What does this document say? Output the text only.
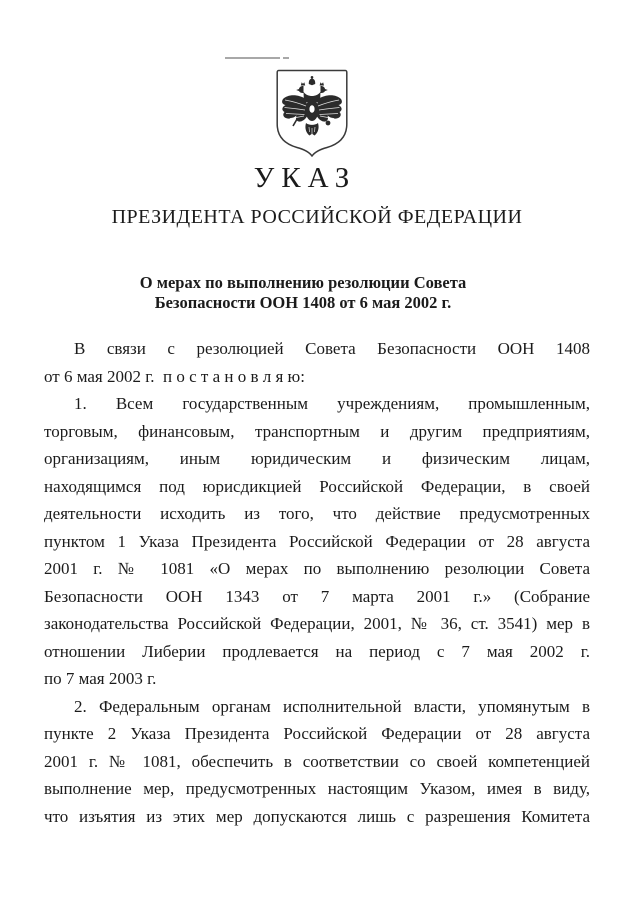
УКАЗ
ПРЕЗИДЕНТА РОССИЙСКОЙ ФЕДЕРАЦИИ
О мерах по выполнению резолюции Совета
Безопасности ООН 1408 от 6 мая 2002 г.

В связи с резолюцией Совета Безопасности ООН 1408
от 6 мая 2002 г.  п о с т а н о в л я ю:

1. Всем государственным учреждениям, промышленным,
торговым, финансовым, транспортным и другим предприятиям,
организациям, иным юридическим и физическим лицам,
находящимся под юрисдикцией Российской Федерации, в своей
деятельности исходить из того, что действие предусмотренных
пунктом 1 Указа Президента Российской Федерации от 28 августа
2001 г. № 1081 «О мерах по выполнению резолюции Совета
Безопасности ООН 1343 от 7 марта 2001 г.» (Собрание
законодательства Российской Федерации, 2001, № 36, ст. 3541) мер в
отношении Либерии продлевается на период с 7 мая 2002 г.
по 7 мая 2003 г.

2. Федеральным органам исполнительной власти, упомянутым в
пункте 2 Указа Президента Российской Федерации от 28 августа
2001 г. № 1081, обеспечить в соответствии со своей компетенцией
выполнение мер, предусмотренных настоящим Указом, имея в виду,
что изъятия из этих мер допускаются лишь с разрешения Комитета
